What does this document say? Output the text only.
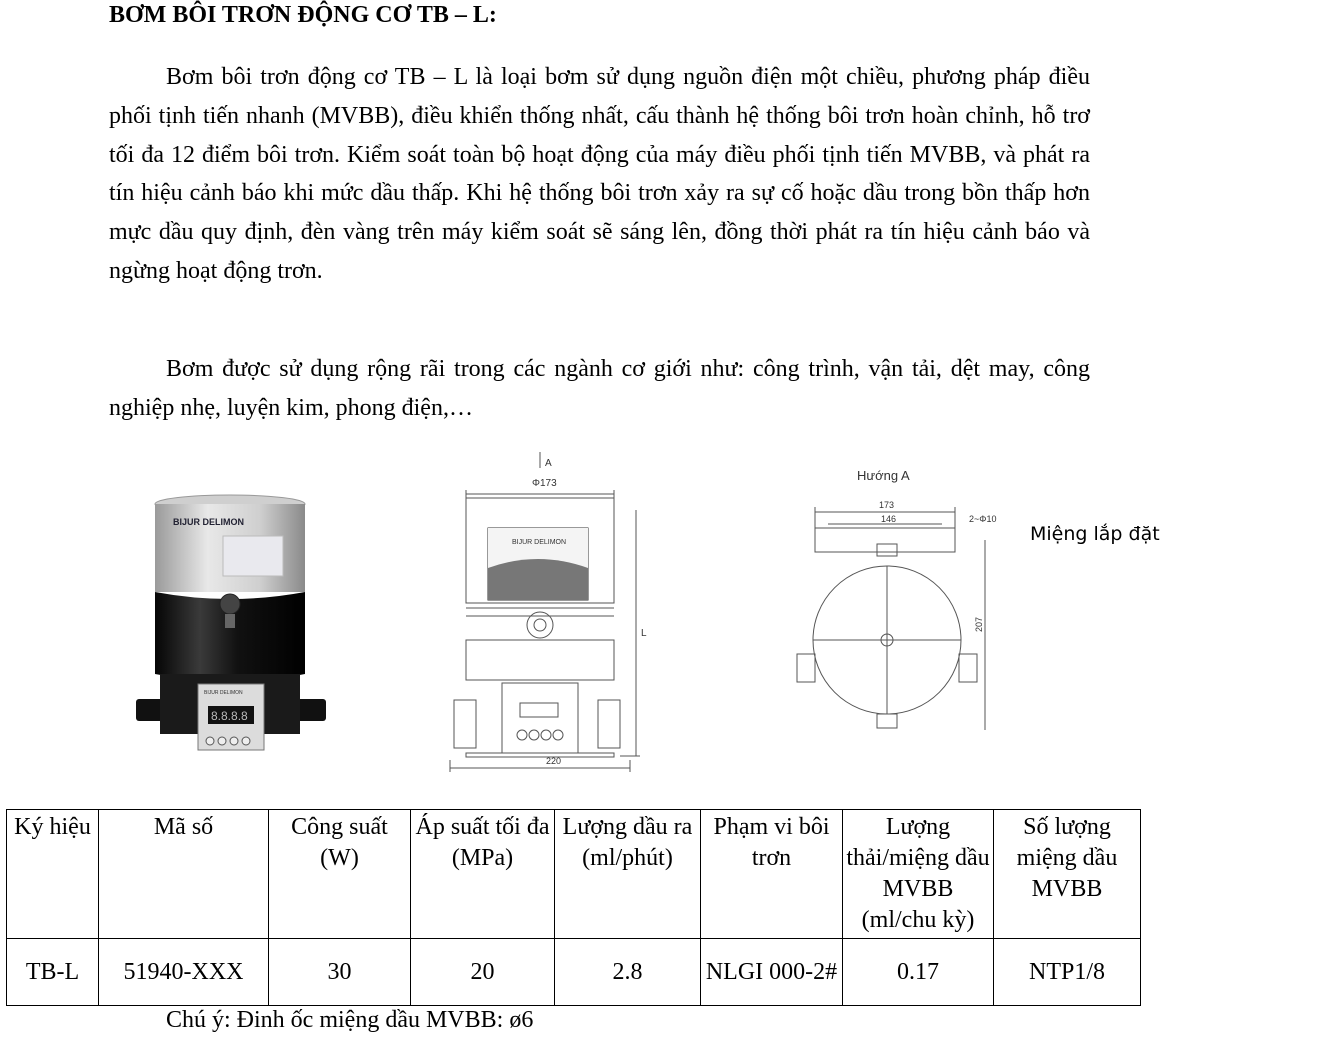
BƠM BÔI TRƠN ĐỘNG CƠ TB – L:

Bơm bôi trơn động cơ TB – L là loại bơm sử dụng nguồn điện một chiều, phương pháp điều phối tịnh tiến nhanh (MVBB), điều khiển thống nhất, cấu thành hệ thống bôi trơn hoàn chỉnh, hỗ trơ tối đa 12 điểm bôi trơn. Kiểm soát toàn bộ hoạt động của máy điều phối tịnh tiến MVBB, và phát ra tín hiệu cảnh báo khi mức dầu thấp. Khi hệ thống bôi trơn xảy ra sự cố hoặc dầu trong bồn thấp hơn mực dầu quy định, đèn vàng trên máy kiểm soát sẽ sáng lên, đồng thời phát ra tín hiệu cảnh báo và ngừng hoạt động trơn.

Bơm được sử dụng rộng rãi trong các ngành cơ giới như: công trình, vận tải, dệt may, công nghiệp nhẹ, luyện kim, phong điện,…

BIJUR DELIMON
BIJUR DELIMON
8.8.8.8
A
Φ173
BIJUR DELIMON
L
220
Hướng A
173
146	2~Φ10
207
Miệng lắp đặt
Ký hiệu	Mã số	Công suất (W)	Áp suất tối đa (MPa)	Lượng dầu ra (ml/phút)	Phạm vi bôi trơn	Lượng thải/miệng dầu MVBB (ml/chu kỳ)	Số lượng miệng dầu MVBB
TB-L	51940-XXX	30	20	2.8	NLGI 000-2#	0.17	NTP1/8

Chú ý: Đinh ốc miệng dầu MVBB: ø6
